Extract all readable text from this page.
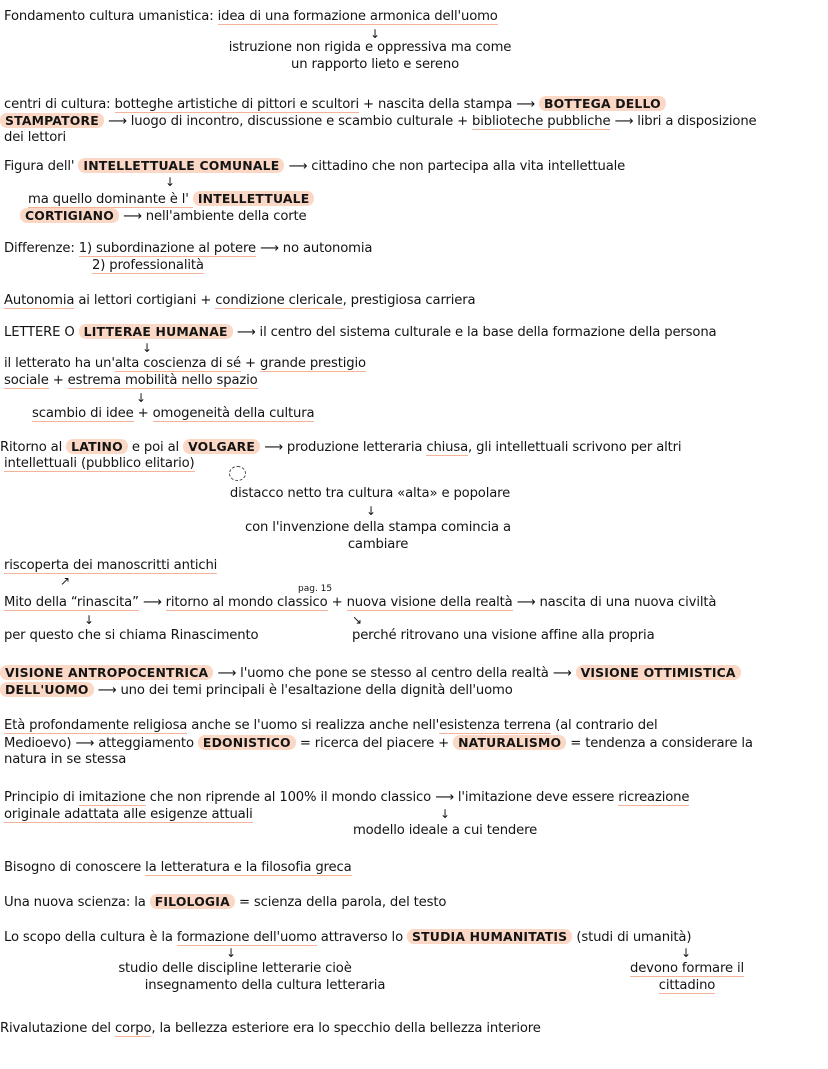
Fondamento cultura umanistica: idea di una formazione armonica dell'uomo
↓
istruzione non rigida e oppressiva ma come
un rapporto lieto e sereno
centri di cultura: botteghe artistiche di pittori e scultori + nascita della stampa ⟶ BOTTEGA DELLO
STAMPATORE ⟶ luogo di incontro, discussione e scambio culturale + biblioteche pubbliche ⟶ libri a disposizione
dei lettori
Figura dell' INTELLETTUALE COMUNALE ⟶ cittadino che non partecipa alla vita intellettuale
↓
ma quello dominante è l' INTELLETTUALE
CORTIGIANO ⟶ nell'ambiente della corte
Differenze: 1) subordinazione al potere ⟶ no autonomia
2) professionalità
Autonomia ai lettori cortigiani + condizione clericale, prestigiosa carriera
LETTERE O LITTERAE HUMANAE ⟶ il centro del sistema culturale e la base della formazione della persona
↓
il letterato ha un'alta coscienza di sé + grande prestigio
sociale + estrema mobilità nello spazio
↓
scambio di idee + omogeneità della cultura
Ritorno al LATINO e poi al VOLGARE ⟶ produzione letteraria chiusa, gli intellettuali scrivono per altri
intellettuali (pubblico elitario)
distacco netto tra cultura «alta» e popolare
↓
con l'invenzione della stampa comincia a
cambiare
riscoperta dei manoscritti antichi
↗
pag. 15
Mito della “rinascita” ⟶ ritorno al mondo classico + nuova visione della realtà ⟶ nascita di una nuova civiltà
↓	↘
per questo che si chiama Rinascimento	perché ritrovano una visione affine alla propria
VISIONE ANTROPOCENTRICA ⟶ l'uomo che pone se stesso al centro della realtà ⟶ VISIONE OTTIMISTICA
DELL'UOMO ⟶ uno dei temi principali è l'esaltazione della dignità dell'uomo
Età profondamente religiosa anche se l'uomo si realizza anche nell'esistenza terrena (al contrario del
Medioevo) ⟶ atteggiamento EDONISTICO = ricerca del piacere + NATURALISMO = tendenza a considerare la
natura in se stessa
Principio di imitazione che non riprende al 100% il mondo classico ⟶ l'imitazione deve essere ricreazione
originale adattata alle esigenze attuali	↓
modello ideale a cui tendere
Bisogno di conoscere la letteratura e la filosofia greca
Una nuova scienza: la FILOLOGIA = scienza della parola, del testo
Lo scopo della cultura è la formazione dell'uomo attraverso lo STUDIA HUMANITATIS (studi di umanità)
↓	↓
studio delle discipline letterarie cioè
insegnamento della cultura letteraria
devono formare il
cittadino
Rivalutazione del corpo, la bellezza esteriore era lo specchio della bellezza interiore
